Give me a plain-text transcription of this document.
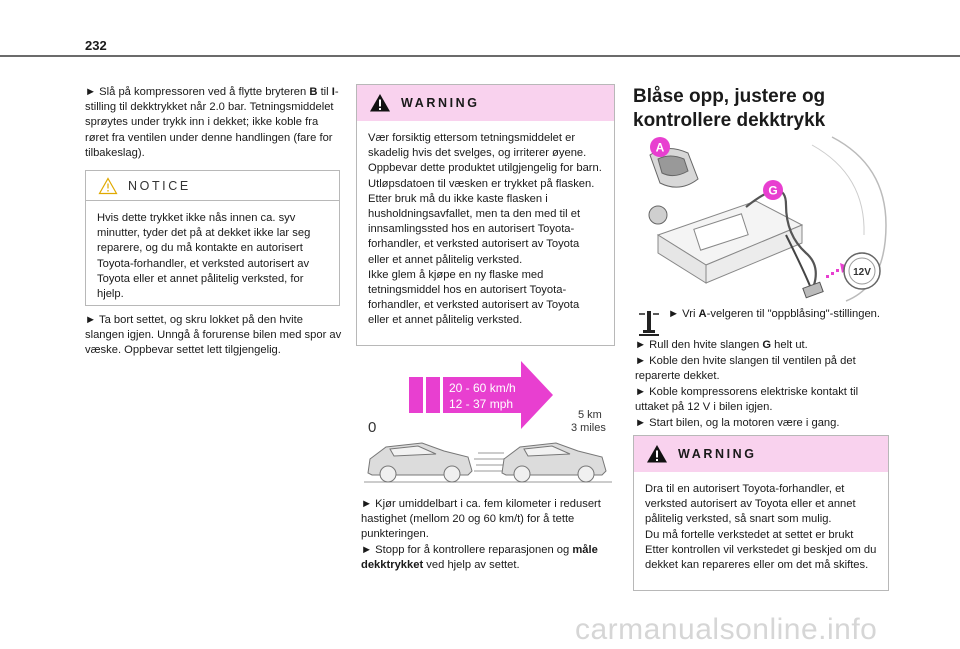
232

► Slå på kompressoren ved å flytte bryteren B til I-stilling til dekktrykket når 2.0 bar. Tetningsmiddelet sprøytes under trykk inn i dekket; ikke koble fra røret fra ventilen under denne handlingen (fare for tilbakeslag).

NOTICE
Hvis dette trykket ikke nås innen ca. syv minutter, tyder det på at dekket ikke lar seg reparere, og du må kontakte en autorisert Toyota-forhandler, et verksted autorisert av Toyota eller et annet pålitelig verksted, for hjelp.
► Ta bort settet, og skru lokket på den hvite slangen igjen. Unngå å forurense bilen med spor av væske. Oppbevar settet lett tilgjengelig.
WARNING

Vær forsiktig ettersom tetningsmiddelet er skadelig hvis det svelges, og irriterer øyene. Oppbevar dette produktet utilgjengelig for barn.

Utløpsdatoen til væsken er trykket på flasken. Etter bruk må du ikke kaste flasken i husholdningsavfallet, men ta den med til et innsamlingssted hos en autorisert Toyota-forhandler, et verksted autorisert av Toyota eller et annet pålitelig verksted.

Ikke glem å kjøpe en ny flaske med tetningsmiddel hos en autorisert Toyota-forhandler, et verksted autorisert av Toyota eller et annet pålitelig verksted.

20 - 60 km/h
12 - 37 mph
0
5 km
3 miles
► Kjør umiddelbart i ca. fem kilometer i redusert hastighet (mellom 20 og 60 km/t) for å tette punkteringen.

► Stopp for å kontrollere reparasjonen og måle dekktrykket ved hjelp av settet.

Blåse opp, justere og
kontrollere dekktrykk
12V
A
G

► Vri A-velgeren til "oppblåsing"-stillingen.

► Rull den hvite slangen G helt ut.

► Koble den hvite slangen til ventilen på det reparerte dekket.
► Koble kompressorens elektriske kontakt til uttaket på 12 V i bilen igjen.
► Start bilen, og la motoren være i gang.
WARNING

Dra til en autorisert Toyota-forhandler, et verksted autorisert av Toyota eller et annet pålitelig verksted, så snart som mulig.

Du må fortelle verkstedet at settet er brukt Etter kontrollen vil verkstedet gi beskjed om du dekket kan repareres eller om det må skiftes.

carmanualsonline.info
